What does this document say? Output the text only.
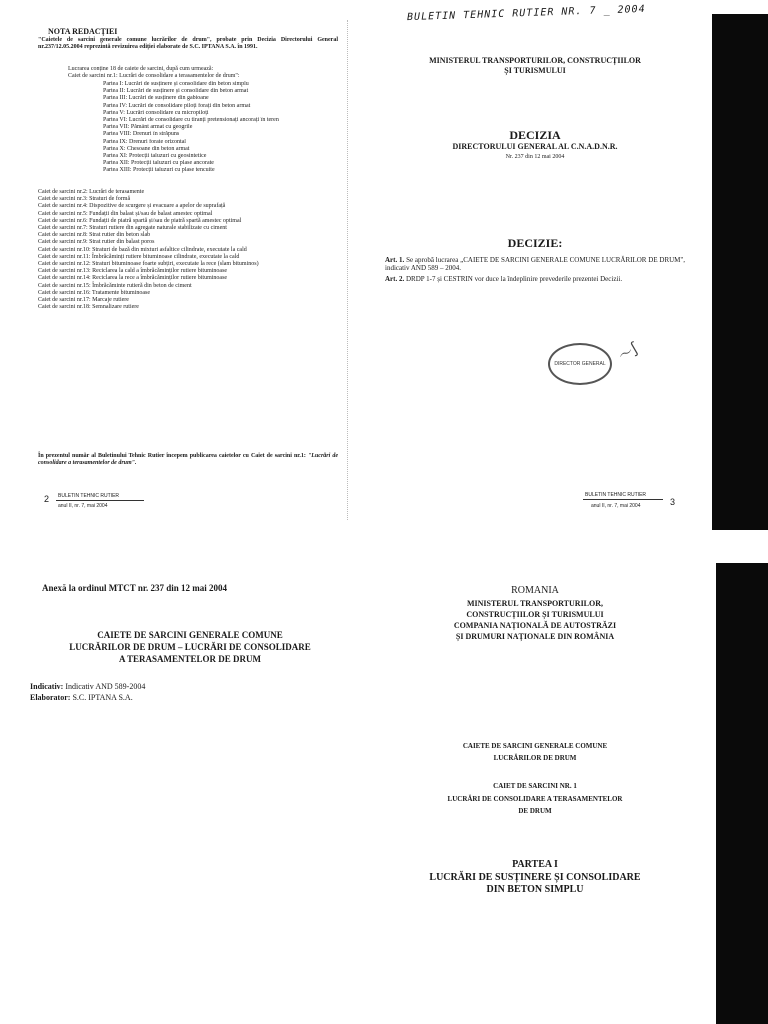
NOTA REDACȚIEI
"Caietele de sarcini generale comune lucrărilor de drum", probate prin Decizia Directorului General nr.237/12.05.2004 reprezintă revizuirea ediției elaborate de S.C. IPTANA S.A. în 1991.
Lucrarea conține 18 de caiete de sarcini, după cum urmează:
Caiet de sarcini nr.1: Lucrări de consolidare a terasamentelor de drum":

Partea I: Lucrări de susținere și consolidare din beton simplu

Partea II: Lucrări de susținere și consolidare din beton armat

Partea III: Lucrări de susținere din gabioane

Partea IV: Lucrări de consolidare piloți forați din beton armat

Partea V: Lucrări consolidare cu micropiloți

Partea VI: Lucrări de consolidare cu tiranți pretensionați ancorați în teren

Partea VII: Pământ armat cu geogrile

Partea VIII: Drenuri în străpuns

Partea IX: Drenuri forate orizontal

Partea X: Chesoane din beton armat

Partea XI: Protecții taluzuri cu geosintetice

Partea XII: Protecții taluzuri cu plase ancorate

Partea XIII: Protecții taluzuri cu plase tencuite

Caiet de sarcini nr.2: Lucrări de terasamente
Caiet de sarcini nr.3: Straturi de formă
Caiet de sarcini nr.4: Dispozitive de scurgere și evacuare a apelor de suprafață
Caiet de sarcini nr.5: Fundații din balast și/sau de balast amestec optimal
Caiet de sarcini nr.6: Fundații de piatră spartă și/sau de piatră spartă amestec optimal
Caiet de sarcini nr.7: Straturi rutiere din agregate naturale stabilizate cu ciment
Caiet de sarcini nr.8: Strat rutier din beton slab
Caiet de sarcini nr.9: Strat rutier din balast poros
Caiet de sarcini nr.10: Straturi de bază din mixturi asfaltice cilindrate, executate la cald
Caiet de sarcini nr.11: Îmbrăcăminți rutiere bituminoase cilindrate, executate la cald
Caiet de sarcini nr.12: Straturi bituminoase foarte subțiri, executate la rece (slam bituminos)
Caiet de sarcini nr.13: Reciclarea la cald a îmbrăcăminților rutiere bituminoase
Caiet de sarcini nr.14: Reciclarea la rece a îmbrăcăminților rutiere bituminoase
Caiet de sarcini nr.15: Îmbrăcăminte rutieră din beton de ciment
Caiet de sarcini nr.16: Tratamente bituminoase
Caiet de sarcini nr.17: Marcaje rutiere
Caiet de sarcini nr.18: Semnalizare rutiere
În prezentul număr al Buletinului Tehnic Rutier începem publicarea caietelor cu Caiet de sarcini nr.1: "Lucrări de consolidare a terasamentelor de drum".
2 BULETIN TEHNIC RUTIER
anul II, nr. 7, mai 2004
BULETIN TEHNIC RUTIER NR. 7 _ 2004
MINISTERUL TRANSPORTURILOR, CONSTRUCȚIILOR
ȘI TURISMULUI
DECIZIA
DIRECTORULUI GENERAL AL C.N.A.D.N.R.
Nr. 237 din 12 mai 2004
DECIZIE:
Art. 1. Se aprobă lucrarea „CAIETE DE SARCINI GENERALE COMUNE LUCRĂRILOR DE DRUM", indicativ AND 589 – 2004.
Art. 2. DRDP 1-7 și CESTRIN vor duce la îndeplinire prevederile prezentei Decizii.
DIRECTOR GENERAL 〜∫
BULETIN TEHNIC RUTIER
anul II, nr. 7, mai 2004	3
Anexă la ordinul MTCT nr. 237 din 12 mai 2004
CAIETE DE SARCINI GENERALE COMUNE
LUCRĂRILOR DE DRUM – LUCRĂRI DE CONSOLIDARE
A TERASAMENTELOR DE DRUM
Indicativ: Indicativ AND 589-2004
Elaborator: S.C. IPTANA S.A.
ROMANIA
MINISTERUL TRANSPORTURILOR,
CONSTRUCȚIILOR ȘI TURISMULUI
COMPANIA NAȚIONALĂ DE AUTOSTRĂZI
ȘI DRUMURI NAȚIONALE DIN ROMÂNIA
CAIETE DE SARCINI GENERALE COMUNE
LUCRĂRILOR DE DRUM
CAIET DE SARCINI NR. 1
LUCRĂRI DE CONSOLIDARE A TERASAMENTELOR
DE DRUM
PARTEA I
LUCRĂRI DE SUSȚINERE ȘI CONSOLIDARE
DIN BETON SIMPLU
